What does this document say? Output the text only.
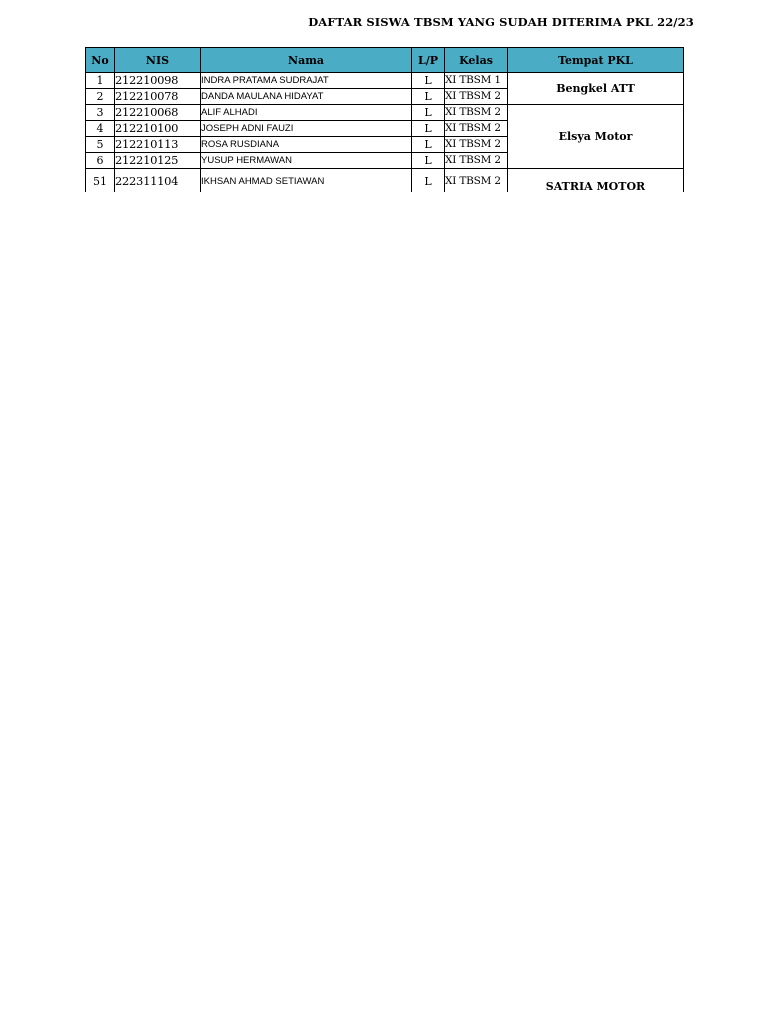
DAFTAR SISWA TBSM YANG SUDAH DITERIMA PKL 22/23
No	NIS	Nama	L/P	Kelas	Tempat PKL
1	212210098	INDRA PRATAMA SUDRAJAT	L	XI TBSM 1	Bengkel ATT
2	212210078	DANDA MAULANA HIDAYAT	L	XI TBSM 2	
3	212210068	ALIF ALHADI	L	XI TBSM 2	Elsya Motor
4	212210100	JOSEPH ADNI FAUZI	L	XI TBSM 2	
5	212210113	ROSA RUSDIANA	L	XI TBSM 2	
6	212210125	YUSUP HERMAWAN	L	XI TBSM 2	
51	222311104	IKHSAN AHMAD SETIAWAN	L	XI TBSM 2	SATRIA MOTOR
